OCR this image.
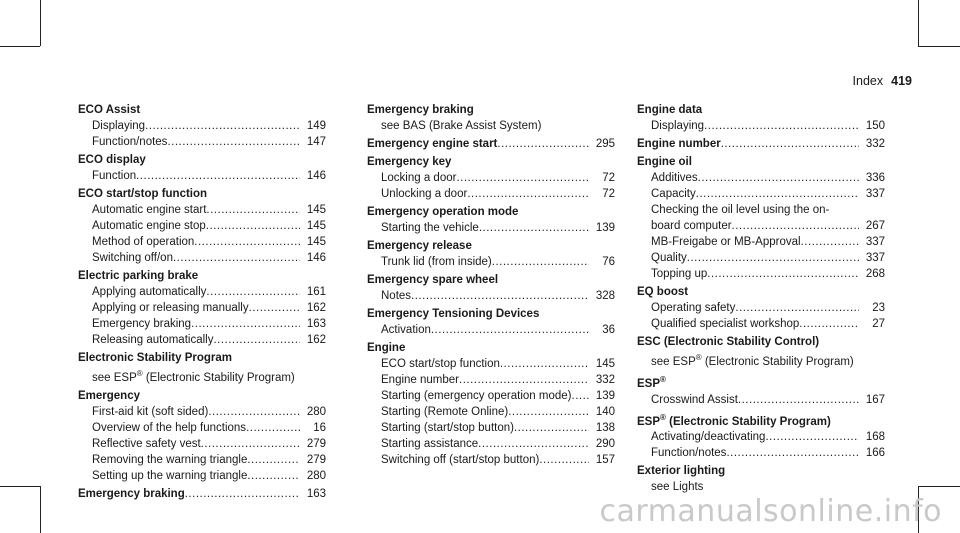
Index 419
ECO Assist
Displaying .....	149
Function/notes .....	147
ECO display
Function .....	146
ECO start/stop function
Automatic engine start .....	145
Automatic engine stop .....	145
Method of operation .....	145
Switching off/on .....	146
Electric parking brake
Applying automatically .....	161
Applying or releasing manually .....	162
Emergency braking .....	163
Releasing automatically .....	162
Electronic Stability Program
see ESP® (Electronic Stability Program)
Emergency
First-aid kit (soft sided) .....	280
Overview of the help functions .....	16
Reflective safety vest .....	279
Removing the warning triangle .....	279
Setting up the warning triangle .....	280
Emergency braking .....	163
Emergency braking
see BAS (Brake Assist System)
Emergency engine start .....	295
Emergency key
Locking a door .....	72
Unlocking a door .....	72
Emergency operation mode
Starting the vehicle .....	139
Emergency release
Trunk lid (from inside) .....	76
Emergency spare wheel
Notes .....	328
Emergency Tensioning Devices
Activation .....	36
Engine
ECO start/stop function .....	145
Engine number .....	332
Starting (emergency operation mode) .....	139
Starting (Remote Online) .....	140
Starting (start/stop button) .....	138
Starting assistance .....	290
Switching off (start/stop button) .....	157
Engine data
Displaying .....	150
Engine number .....	332
Engine oil
Additives .....	336
Capacity .....	337
Checking the oil level using the on-
board computer .....	267
MB-Freigabe or MB-Approval .....	337
Quality .....	337
Topping up .....	268
EQ boost
Operating safety .....	23
Qualified specialist workshop .....	27
ESC (Electronic Stability Control)
see ESP® (Electronic Stability Program)
ESP®
Crosswind Assist .....	167
ESP® (Electronic Stability Program)
Activating/deactivating .....	168
Function/notes .....	166
Exterior lighting
see Lights
carmanualsonline.info
